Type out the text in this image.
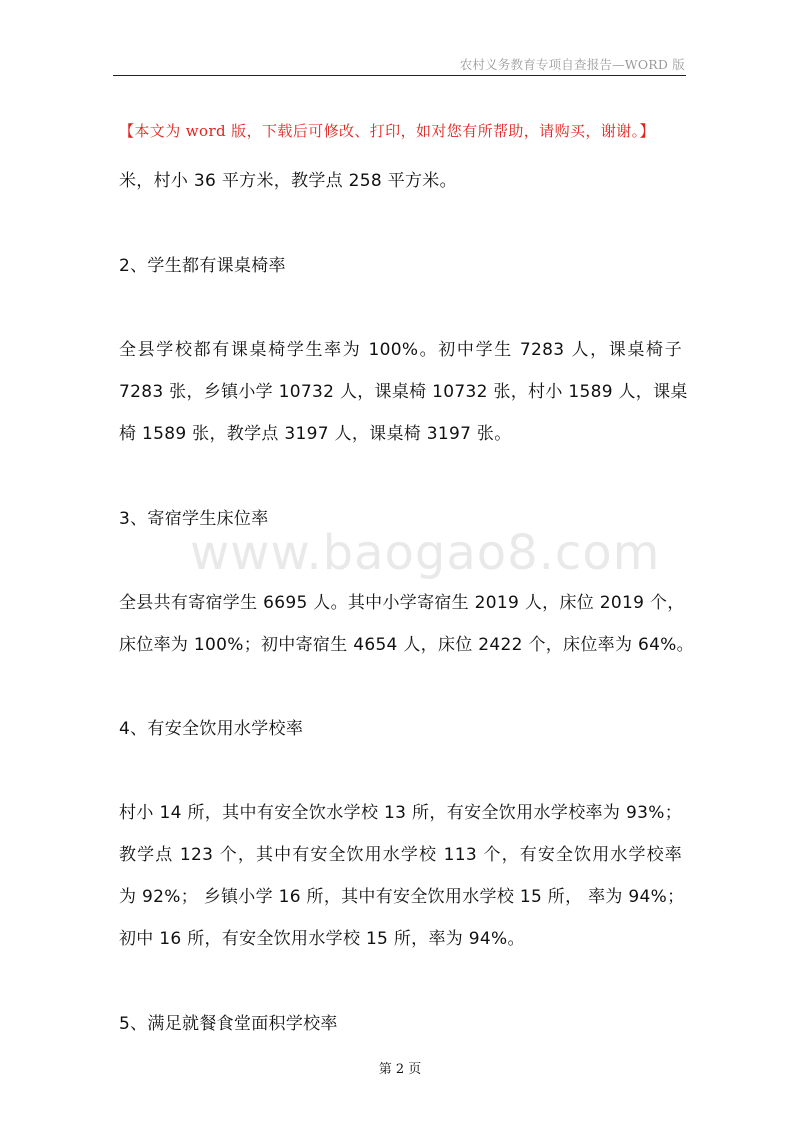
农村义务教育专项自查报告—WORD 版
【本文为 word 版，下载后可修改、打印，如对您有所帮助，请购买，谢谢。】
www.baogao8.com
米，村小 36 平方米，教学点 258 平方米。
2、学生都有课桌椅率
全县学校都有课桌椅学生率为 100%。初中学生 7283 人，课桌椅子
7283 张，乡镇小学 10732 人，课桌椅 10732 张，村小 1589 人，课桌
椅 1589 张，教学点 3197 人，课桌椅 3197 张。
3、寄宿学生床位率
全县共有寄宿学生 6695 人。其中小学寄宿生 2019 人，床位 2019 个，
床位率为 100%；初中寄宿生 4654 人，床位 2422 个，床位率为 64%。
4、有安全饮用水学校率
村小 14 所，其中有安全饮水学校 13 所，有安全饮用水学校率为 93%；
教学点 123 个，其中有安全饮用水学校 113 个，有安全饮用水学校率
为 92%； 乡镇小学 16 所，其中有安全饮用水学校 15 所， 率为 94%；
初中 16 所，有安全饮用水学校 15 所，率为 94%。
5、满足就餐食堂面积学校率
第 2 页
